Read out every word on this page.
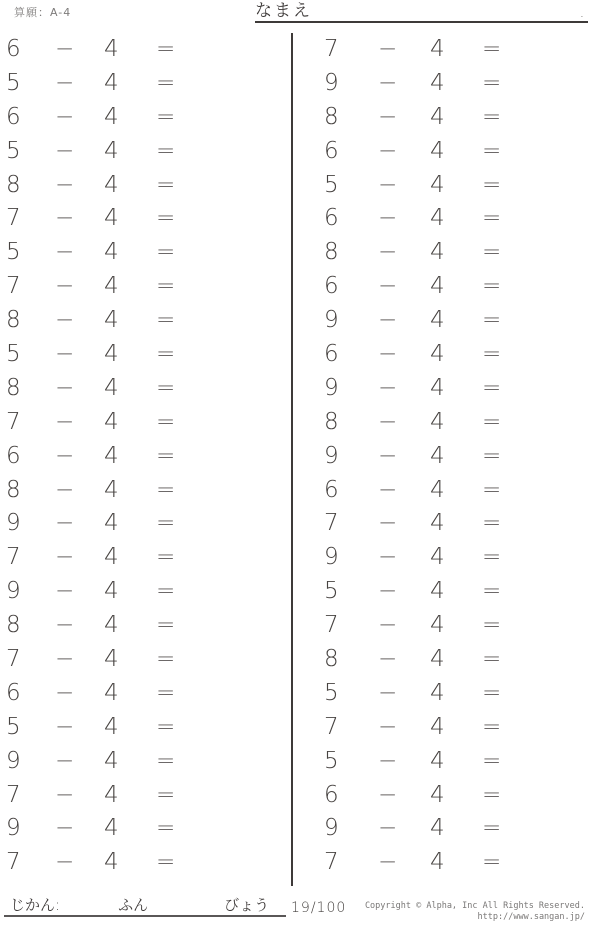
算願：A-4	なまえ	.
6	−	4	=
5	−	4	=
6	−	4	=
5	−	4	=
8	−	4	=
7	−	4	=
5	−	4	=
7	−	4	=
8	−	4	=
5	−	4	=
8	−	4	=
7	−	4	=
6	−	4	=
8	−	4	=
9	−	4	=
7	−	4	=
9	−	4	=
8	−	4	=
7	−	4	=
6	−	4	=
5	−	4	=
9	−	4	=
7	−	4	=
9	−	4	=
7	−	4	=
7	−	4	=
9	−	4	=
8	−	4	=
6	−	4	=
5	−	4	=
6	−	4	=
8	−	4	=
6	−	4	=
9	−	4	=
6	−	4	=
9	−	4	=
8	−	4	=
9	−	4	=
6	−	4	=
7	−	4	=
9	−	4	=
5	−	4	=
7	−	4	=
8	−	4	=
5	−	4	=
7	−	4	=
5	−	4	=
6	−	4	=
9	−	4	=
7	−	4	=
じかん:	ふん	びょう 19/100 Copyright © Alpha, Inc All Rights Reserved.
http://www.sangan.jp/
